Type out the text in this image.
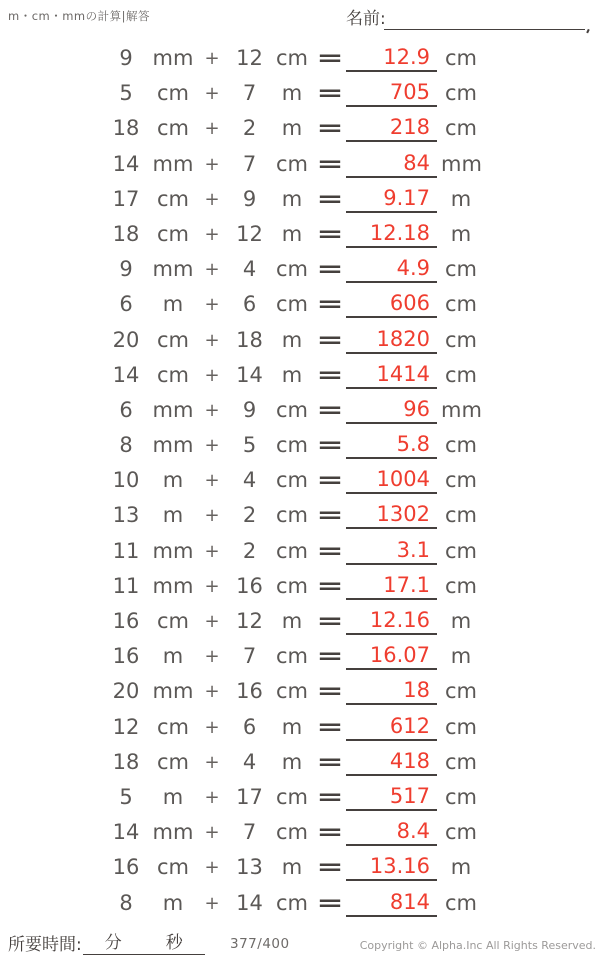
m・cm・mmの計算|解答	名前:
9 mm + 12 cm =	12.9 cm
5	cm +	7	m =	705 cm
18 cm +	2	m =	218 cm
14 mm +	7 cm =	84 mm
17 cm +	9	m =	9.17 m
18 cm + 12 m =	12.18 m
9 mm +	4 cm =	4.9 cm
6	m	+	6 cm =	606 cm
20 cm + 18 m =	1820 cm
14 cm + 14 m =	1414 cm
6 mm +	9 cm =	96 mm
8 mm +	5 cm =	5.8 cm
10	m	+	4 cm =	1004 cm
13	m	+	2 cm =	1302 cm
11 mm +	2 cm =	3.1 cm
11 mm + 16 cm =	17.1 cm
16 cm + 12 m =	12.16 m
16	m	+	7 cm =	16.07 m
20 mm + 16 cm =	18 cm
12 cm +	6	m =	612 cm
18 cm +	4	m =	418 cm
5	m	+ 17 cm =	517 cm
14 mm +	7 cm =	8.4 cm
16 cm + 13 m =	13.16 m
8	m	+ 14 cm =	814 cm
所要時間: 分	秒	377/400	Copyright © Alpha.Inc All Rights Reserved.
